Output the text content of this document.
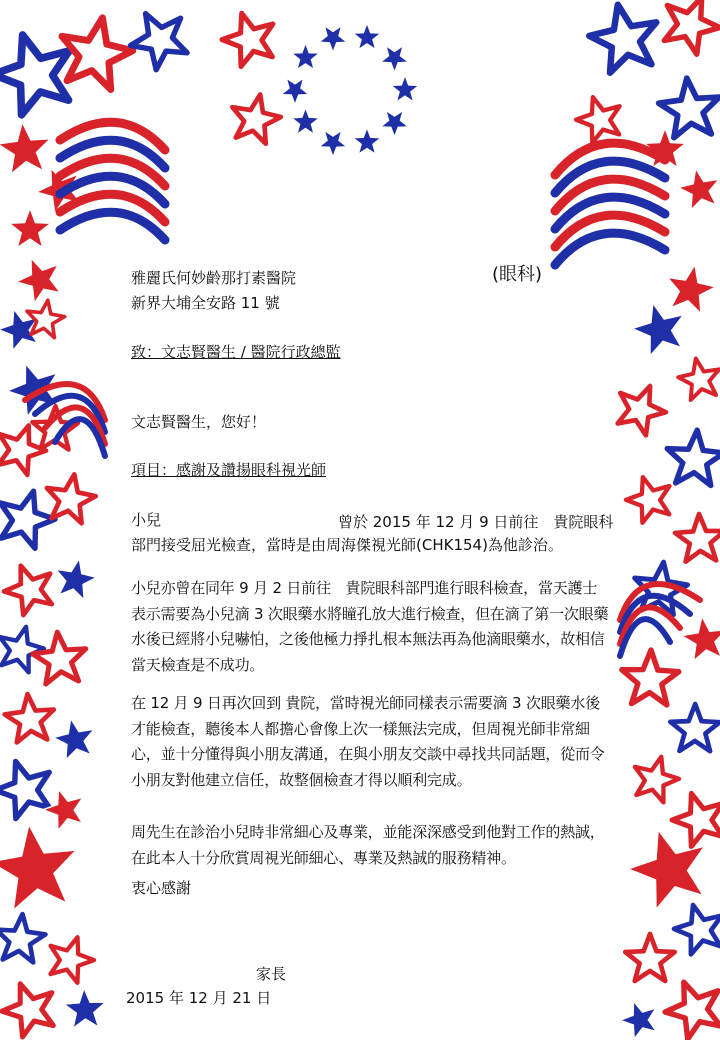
雅麗氏何妙齡那打素醫院	(眼科)
新界大埔全安路 11 號
致：文志賢醫生 / 醫院行政總監
文志賢醫生，您好！
項目：感謝及讚揚眼科視光師
小兒	曾於 2015 年 12 月 9 日前往　貴院眼科
部門接受屈光檢查，當時是由周海傑視光師(CHK154)為他診治。
小兒亦曾在同年 9 月 2 日前往　貴院眼科部門進行眼科檢查，當天護士表示需要為小兒滴 3 次眼藥水將瞳孔放大進行檢查，但在滴了第一次眼藥水後已經將小兒嚇怕，之後他極力掙扎根本無法再為他滴眼藥水，故相信當天檢查是不成功。
在 12 月 9 日再次回到 貴院，當時視光師同樣表示需要滴 3 次眼藥水後才能檢查，聽後本人都擔心會像上次一樣無法完成，但周視光師非常細心，並十分懂得與小朋友溝通，在與小朋友交談中尋找共同話題，從而令小朋友對他建立信任，故整個檢查才得以順利完成。
周先生在診治小兒時非常細心及專業，並能深深感受到他對工作的熱誠，在此本人十分欣賞周視光師細心、專業及熱誠的服務精神。
衷心感謝
家長
2015 年 12 月 21 日
